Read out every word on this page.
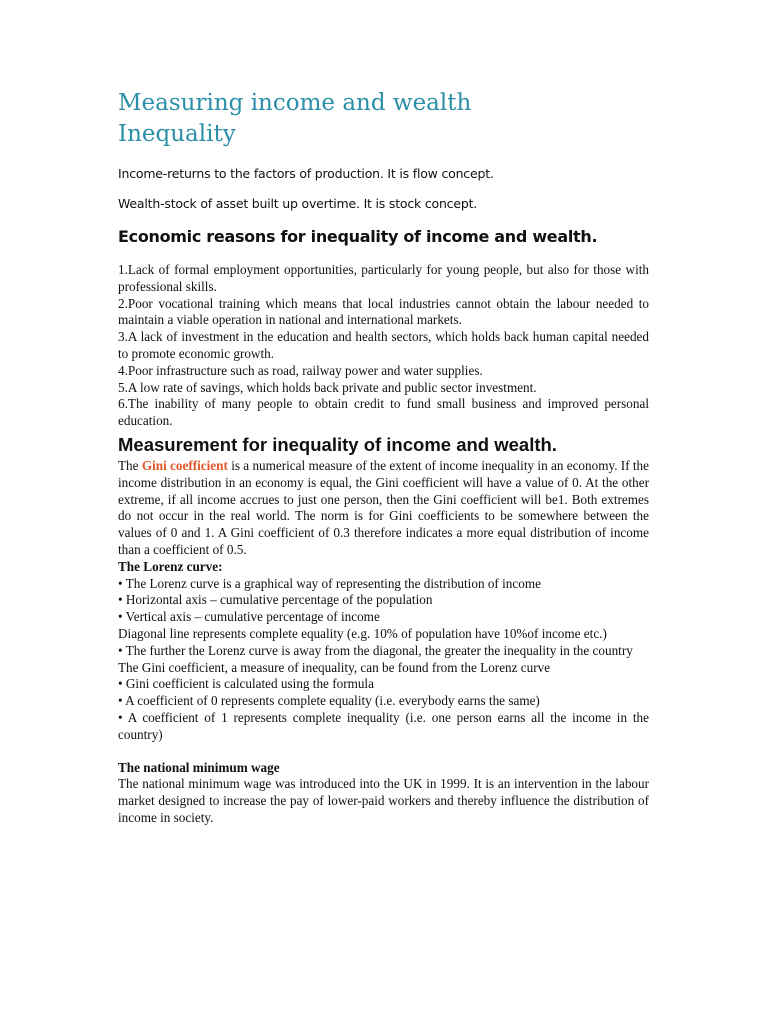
Measuring income and wealth
Inequality

Income-returns to the factors of production. It is flow concept.

Wealth-stock of asset built up overtime. It is stock concept.

Economic reasons for inequality of income and wealth.

1.Lack of formal employment opportunities, particularly for young people, but also for those with professional skills.

2.Poor vocational training which means that local industries cannot obtain the labour needed to maintain a viable operation in national and international markets.

3.A lack of investment in the education and health sectors, which holds back human capital needed to promote economic growth.

4.Poor infrastructure such as road, railway power and water supplies.

5.A low rate of savings, which holds back private and public sector investment.

6.The inability of many people to obtain credit to fund small business and improved personal education.

Measurement for inequality of income and wealth.

The Gini coefficient is a numerical measure of the extent of income inequality in an economy. If the income distribution in an economy is equal, the Gini coefficient will have a value of 0. At the other extreme, if all income accrues to just one person, then the Gini coefficient will be1. Both extremes do not occur in the real world. The norm is for Gini coefficients to be somewhere between the values of 0 and 1. A Gini coefficient of 0.3 therefore indicates a more equal distribution of income than a coefficient of 0.5.

The Lorenz curve:

• The Lorenz curve is a graphical way of representing the distribution of income

• Horizontal axis – cumulative percentage of the population

• Vertical axis – cumulative percentage of income

Diagonal line represents complete equality (e.g. 10% of population have 10%of income etc.)

• The further the Lorenz curve is away from the diagonal, the greater the inequality in the country

The Gini coefficient, a measure of inequality, can be found from the Lorenz curve

• Gini coefficient is calculated using the formula

• A coefficient of 0 represents complete equality (i.e. everybody earns the same)

• A coefficient of 1 represents complete inequality (i.e. one person earns all the income in the country)

The national minimum wage

The national minimum wage was introduced into the UK in 1999. It is an intervention in the labour market designed to increase the pay of lower-paid workers and thereby influence the distribution of income in society.
